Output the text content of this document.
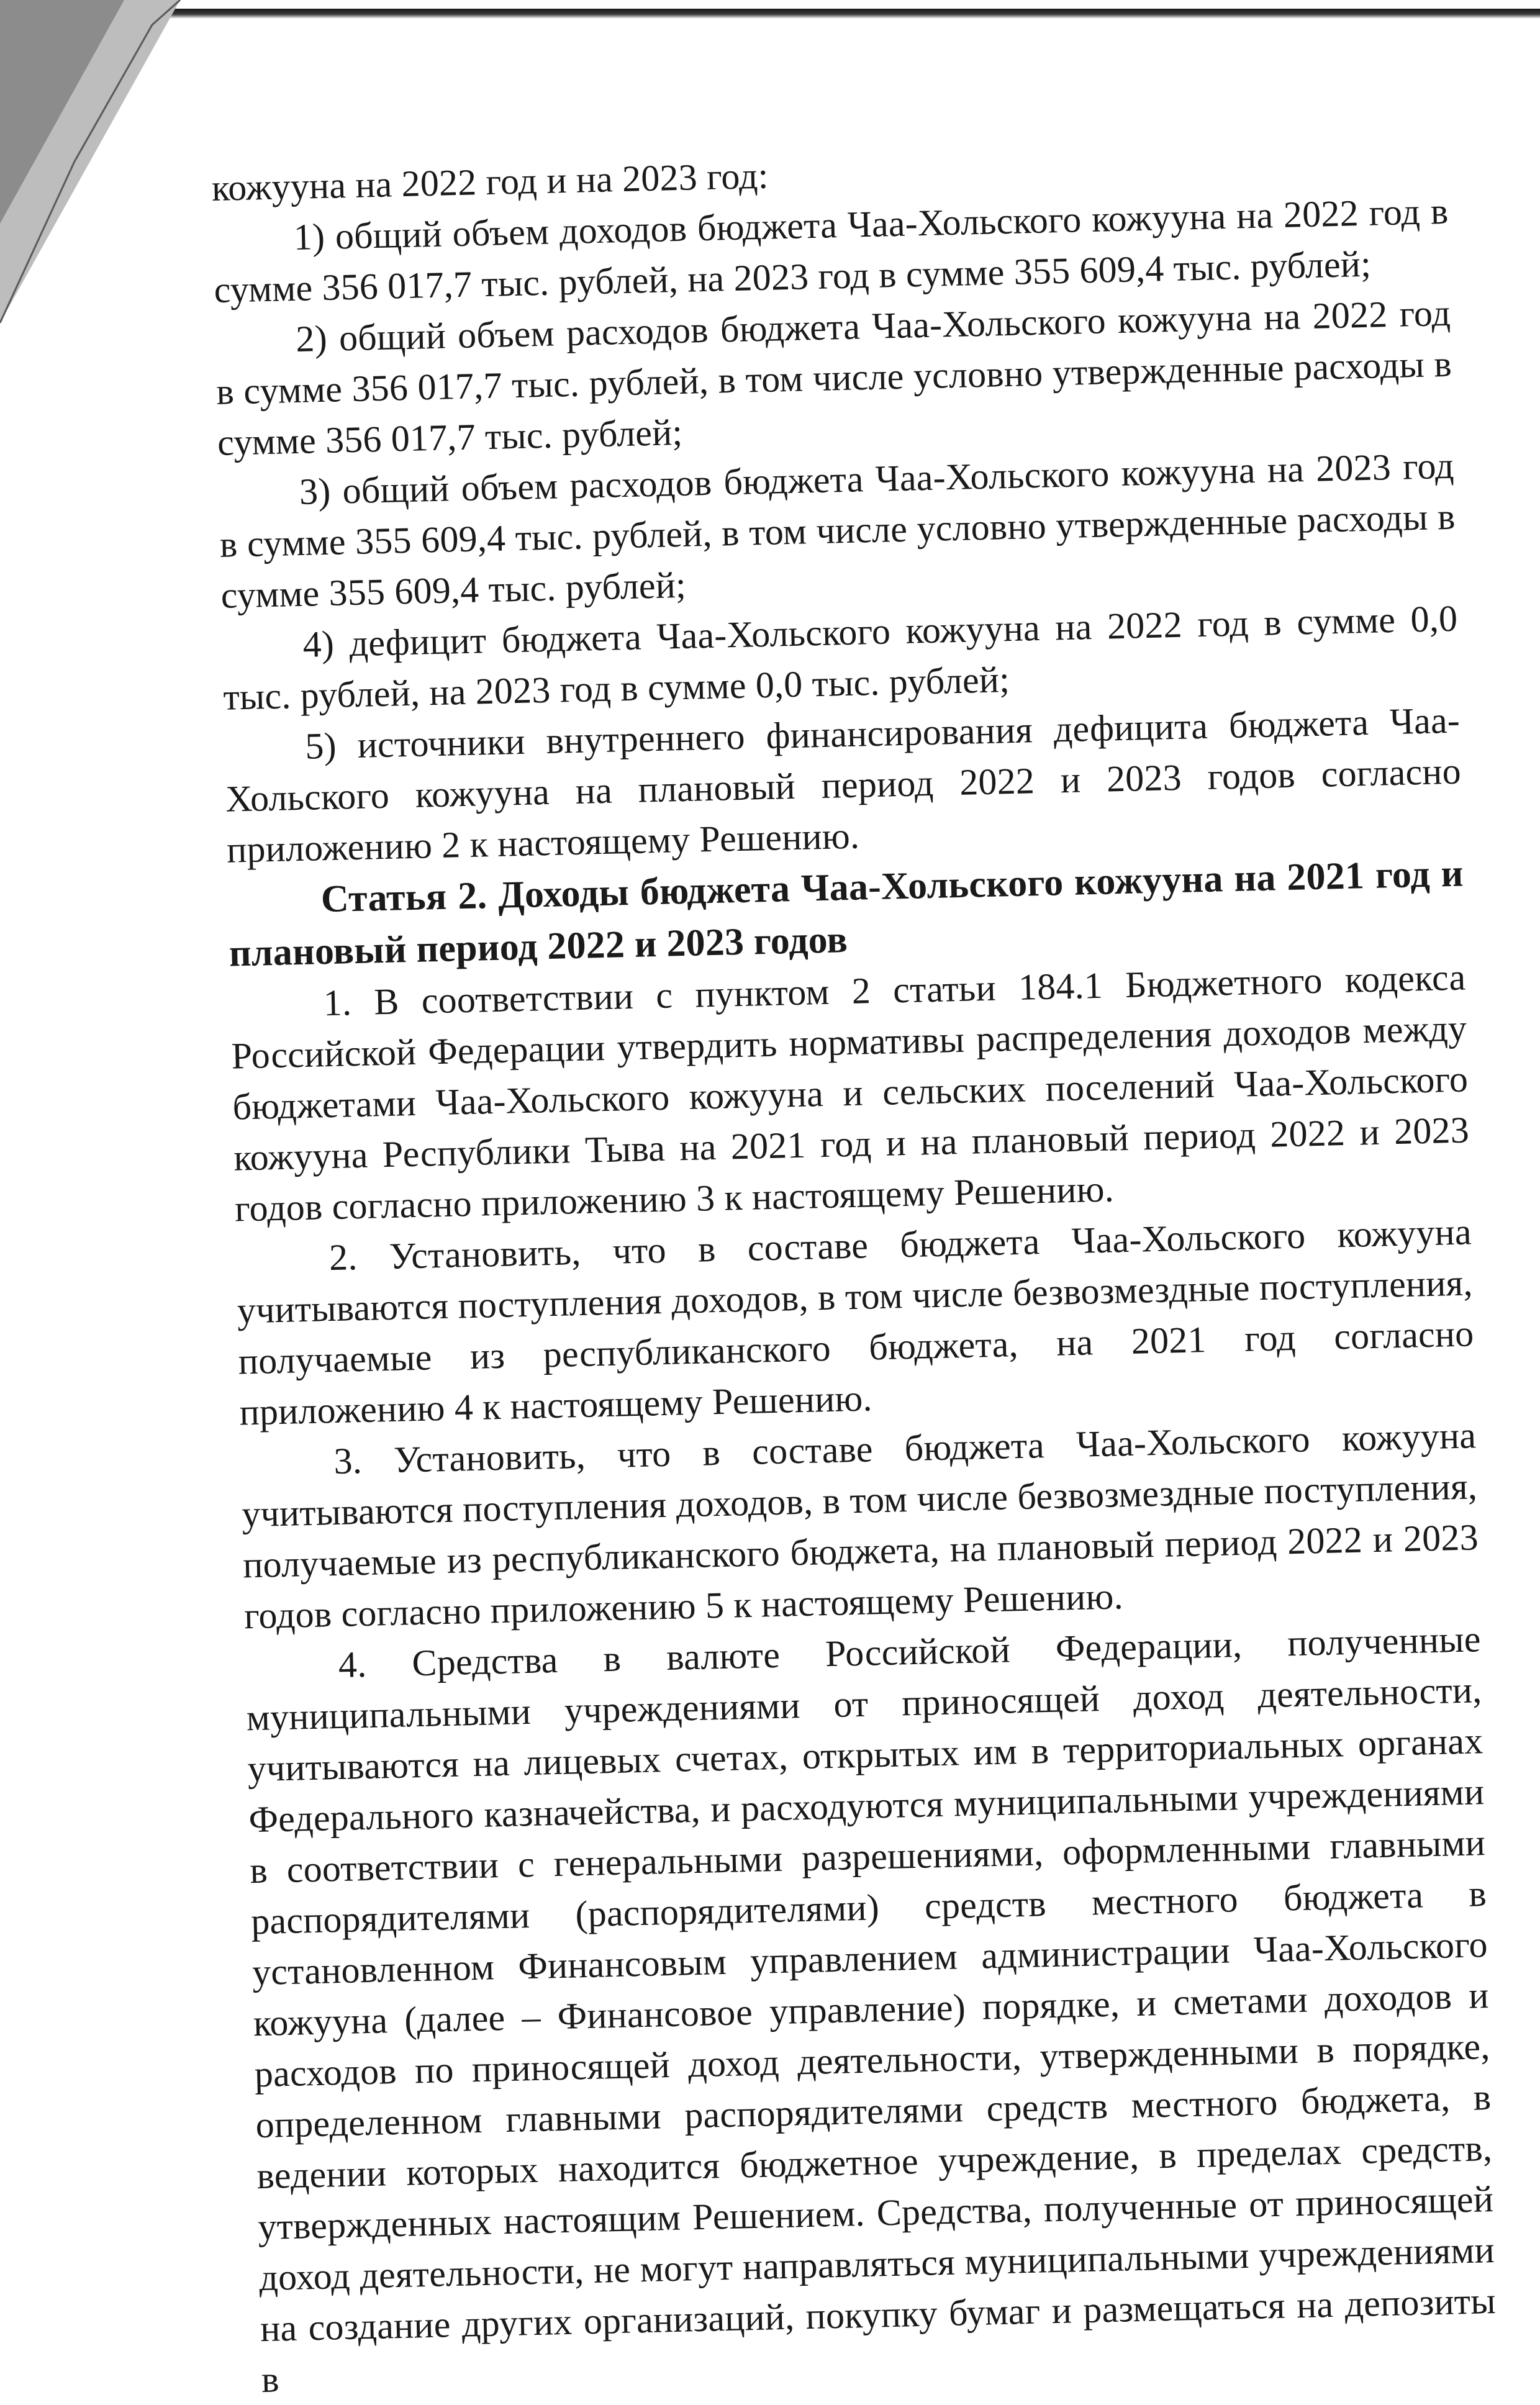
кожууна на 2022 год и на 2023 год:

1) общий объем доходов бюджета Чаа-Хольского кожууна на 2022 год в сумме 356 017,7 тыс. рублей, на 2023 год в сумме 355 609,4 тыс. рублей;

2) общий объем расходов бюджета Чаа-Хольского кожууна на 2022 год в сумме 356 017,7 тыс. рублей, в том числе условно утвержденные расходы в сумме 356 017,7 тыс. рублей;

3) общий объем расходов бюджета Чаа-Хольского кожууна на 2023 год в сумме 355 609,4 тыс. рублей, в том числе условно утвержденные расходы в сумме 355 609,4 тыс. рублей;

4) дефицит бюджета Чаа-Хольского кожууна на 2022 год в сумме 0,0 тыс. рублей, на 2023 год в сумме 0,0 тыс. рублей;

5) источники внутреннего финансирования дефицита бюджета Чаа-Хольского кожууна на плановый период 2022 и 2023 годов согласно приложению 2 к настоящему Решению.

Статья 2. Доходы бюджета Чаа-Хольского кожууна на 2021 год и плановый период 2022 и 2023 годов

1. В соответствии с пунктом 2 статьи 184.1 Бюджетного кодекса Российской Федерации утвердить нормативы распределения доходов между бюджетами Чаа-Хольского кожууна и сельских поселений Чаа-Хольского кожууна Республики Тыва на 2021 год и на плановый период 2022 и 2023 годов согласно приложению 3 к настоящему Решению.

2. Установить, что в составе бюджета Чаа-Хольского кожууна учитываются поступления доходов, в том числе безвозмездные поступления, получаемые из республиканского бюджета, на 2021 год согласно приложению 4 к настоящему Решению.

3. Установить, что в составе бюджета Чаа-Хольского кожууна учитываются поступления доходов, в том числе безвозмездные поступления, получаемые из республиканского бюджета, на плановый период 2022 и 2023 годов согласно приложению 5 к настоящему Решению.

4. Средства в валюте Российской Федерации, полученные муниципальными учреждениями от приносящей доход деятельности, учитываются на лицевых счетах, открытых им в территориальных органах Федерального казначейства, и расходуются муниципальными учреждениями в соответствии с генеральными разрешениями, оформленными главными распорядителями (распорядителями) средств местного бюджета в установленном Финансовым управлением администрации Чаа-Хольского кожууна (далее – Финансовое управление) порядке, и сметами доходов и расходов по приносящей доход деятельности, утвержденными в порядке, определенном главными распорядителями средств местного бюджета, в ведении которых находится бюджетное учреждение, в пределах средств, утвержденных настоящим Решением. Средства, полученные от приносящей доход деятельности, не могут направляться муниципальными учреждениями на создание других организаций, покупку бумаг и размещаться на депозиты в
